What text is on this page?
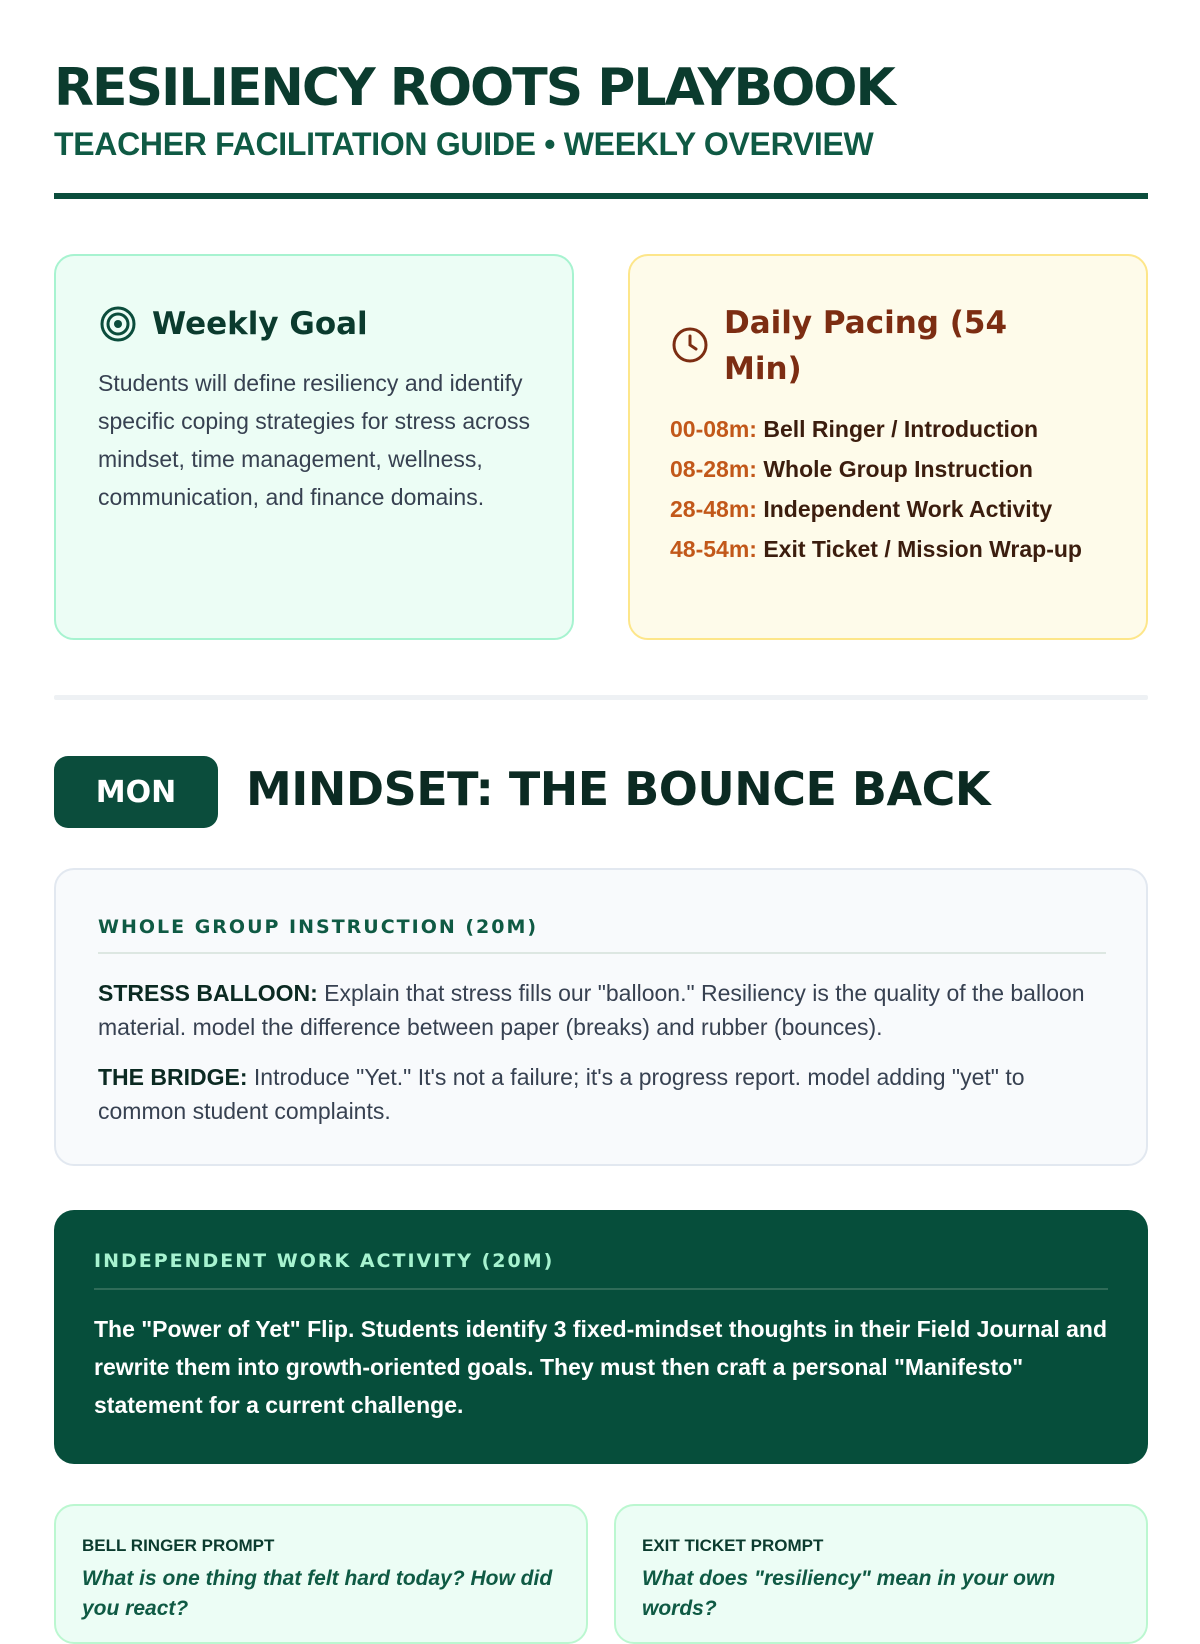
RESILIENCY ROOTS PLAYBOOK
TEACHER FACILITATION GUIDE • WEEKLY OVERVIEW
Weekly Goal

Students will define resiliency and identify specific coping strategies for stress across mindset, time management, wellness, communication, and finance domains.

Daily Pacing (54 Min)
00-08m: Bell Ringer / Introduction
08-28m: Whole Group Instruction
28-48m: Independent Work Activity
48-54m: Exit Ticket / Mission Wrap-up
MON	MINDSET: THE BOUNCE BACK
WHOLE GROUP INSTRUCTION (20M)

STRESS BALLOON: Explain that stress fills our "balloon." Resiliency is the quality of the balloon material. model the difference between paper (breaks) and rubber (bounces).

THE BRIDGE: Introduce "Yet." It's not a failure; it's a progress report. model adding "yet" to common student complaints.

INDEPENDENT WORK ACTIVITY (20M)

The "Power of Yet" Flip. Students identify 3 fixed-mindset thoughts in their Field Journal and rewrite them into growth-oriented goals. They must then craft a personal "Manifesto" statement for a current challenge.

BELL RINGER PROMPT

What is one thing that felt hard today? How did you react?

EXIT TICKET PROMPT

What does "resiliency" mean in your own words?
